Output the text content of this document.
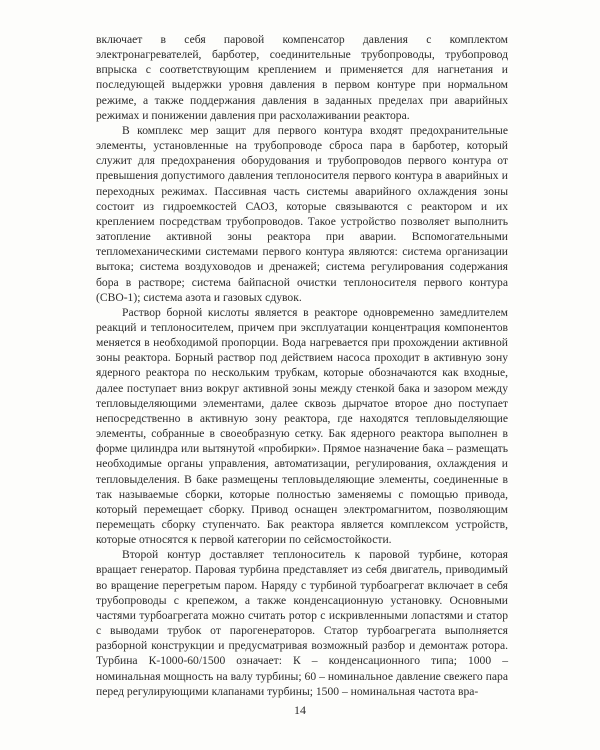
включает в себя паровой компенсатор давления с комплектом электронагревателей, барботер, соединительные трубопроводы, трубопровод впрыска с соответствующим креплением и применяется для нагнетания и последующей выдержки уровня давления в первом контуре при нормальном режиме, а также поддержания давления в заданных пределах при аварийных режимах и понижении давления при расхолаживании реактора.

В комплекс мер защит для первого контура входят предохранительные элементы, установленные на трубопроводе сброса пара в барботер, который служит для предохранения оборудования и трубопроводов первого контура от превышения допустимого давления теплоносителя первого контура в аварийных и переходных режимах. Пассивная часть системы аварийного охлаждения зоны состоит из гидроемкостей САОЗ, которые связываются с реактором и их креплением посредствам трубопроводов. Такое устройство позволяет выполнить затопление активной зоны реактора при аварии. Вспомогательными тепломеханическими системами первого контура являются: система организации вытока; система воздуховодов и дренажей; система регулирования содержания бора в растворе; система байпасной очистки теплоносителя первого контура (СВО-1); система азота и газовых сдувок.

Раствор борной кислоты является в реакторе одновременно замедлителем реакций и теплоносителем, причем при эксплуатации концентрация компонентов меняется в необходимой пропорции. Вода нагревается при прохождении активной зоны реактора. Борный раствор под действием насоса проходит в активную зону ядерного реактора по нескольким трубкам, которые обозначаются как входные, далее поступает вниз вокруг активной зоны между стенкой бака и зазором между тепловыделяющими элементами, далее сквозь дырчатое второе дно поступает непосредственно в активную зону реактора, где находятся тепловыделяющие элементы, собранные в своеобразную сетку. Бак ядерного реактора выполнен в форме цилиндра или вытянутой «пробирки». Прямое назначение бака – размещать необходимые органы управления, автоматизации, регулирования, охлаждения и тепловыделения. В баке размещены тепловыделяющие элементы, соединенные в так называемые сборки, которые полностью заменяемы с помощью привода, который перемещает сборку. Привод оснащен электромагнитом, позволяющим перемещать сборку ступенчато. Бак реактора является комплексом устройств, которые относятся к первой категории по сейсмостойкости.

Второй контур доставляет теплоноситель к паровой турбине, которая вращает генератор. Паровая турбина представляет из себя двигатель, приводимый во вращение перегретым паром. Наряду с турбиной турбоагрегат включает в себя трубопроводы с крепежом, а также конденсационную установку. Основными частями турбоагрегата можно считать ротор с искривленными лопастями и статор с выводами трубок от парогенераторов. Статор турбоагрегата выполняется разборной конструкции и предусматривая возможный разбор и демонтаж ротора. Турбина К-1000-60/1500 означает: К – конденсационного типа; 1000 – номинальная мощность на валу турбины; 60 – номинальное давление свежего пара перед регулирующими клапанами турбины; 1500 – номинальная частота вра-

14
